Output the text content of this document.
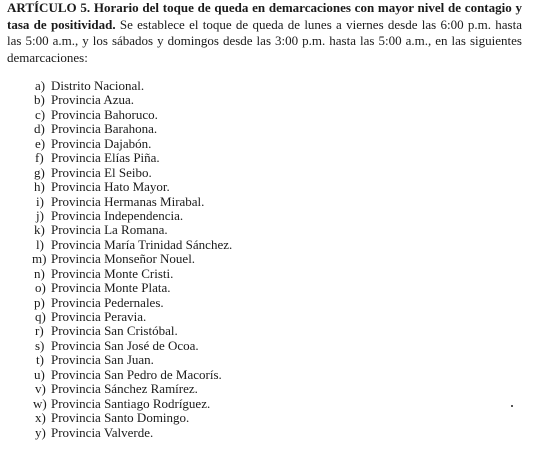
ARTÍCULO 5. Horario del toque de queda en demarcaciones con mayor nivel de contagio y tasa de positividad. Se establece el toque de queda de lunes a viernes desde las 6:00 p.m. hasta las 5:00 a.m., y los sábados y domingos desde las 3:00 p.m. hasta las 5:00 a.m., en las siguientes demarcaciones:
a) Distrito Nacional.
b) Provincia Azua.
c) Provincia Bahoruco.
d) Provincia Barahona.
e) Provincia Dajabón.
f) Provincia Elías Piña.
g) Provincia El Seibo.
h) Provincia Hato Mayor.
i) Provincia Hermanas Mirabal.
j) Provincia Independencia.
k) Provincia La Romana.
l) Provincia María Trinidad Sánchez.
m) Provincia Monseñor Nouel.
n) Provincia Monte Cristi.
o) Provincia Monte Plata.
p) Provincia Pedernales.
q) Provincia Peravia.
r) Provincia San Cristóbal.
s) Provincia San José de Ocoa.
t) Provincia San Juan.
u) Provincia San Pedro de Macorís.
v) Provincia Sánchez Ramírez.
w) Provincia Santiago Rodríguez.
x) Provincia Santo Domingo.
y) Provincia Valverde.
